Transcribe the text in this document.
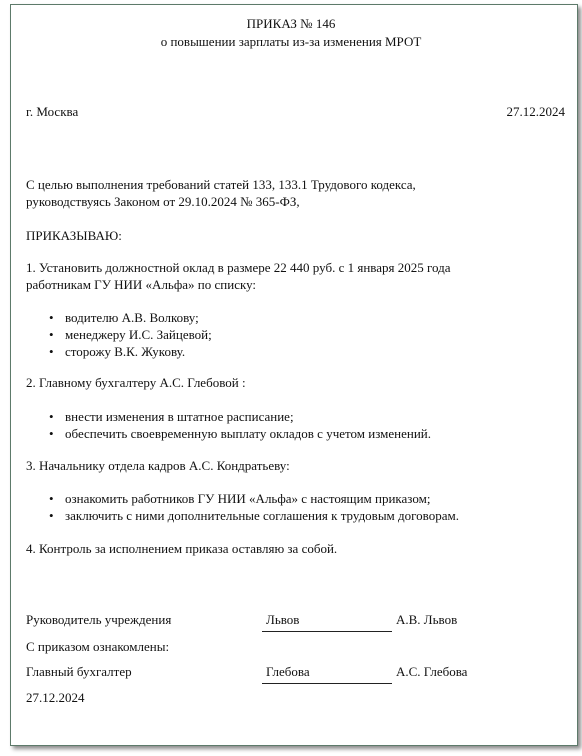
ПРИКАЗ № 146
о повышении зарплаты из-за изменения МРОТ
г. Москва	27.12.2024
С целью выполнения требований статей 133, 133.1 Трудового кодекса,
руководствуясь Законом от 29.10.2024 № 365-ФЗ,
ПРИКАЗЫВАЮ:
1. Установить должностной оклад в размере 22 440 руб. с 1 января 2025 года
работникам ГУ НИИ «Альфа» по списку:
• водителю А.В. Волкову;
• менеджеру И.С. Зайцевой;
• сторожу В.К. Жукову.
2. Главному бухгалтеру А.С. Глебовой :
• внести изменения в штатное расписание;
• обеспечить своевременную выплату окладов с учетом изменений.
3. Начальнику отдела кадров А.С. Кондратьеву:
• ознакомить работников ГУ НИИ «Альфа» с настоящим приказом;
• заключить с ними дополнительные соглашения к трудовым договорам.
4. Контроль за исполнением приказа оставляю за собой.
Руководитель учреждения	Львов	А.В. Львов
С приказом ознакомлены:
Главный бухгалтер	Глебова	А.С. Глебова
27.12.2024
